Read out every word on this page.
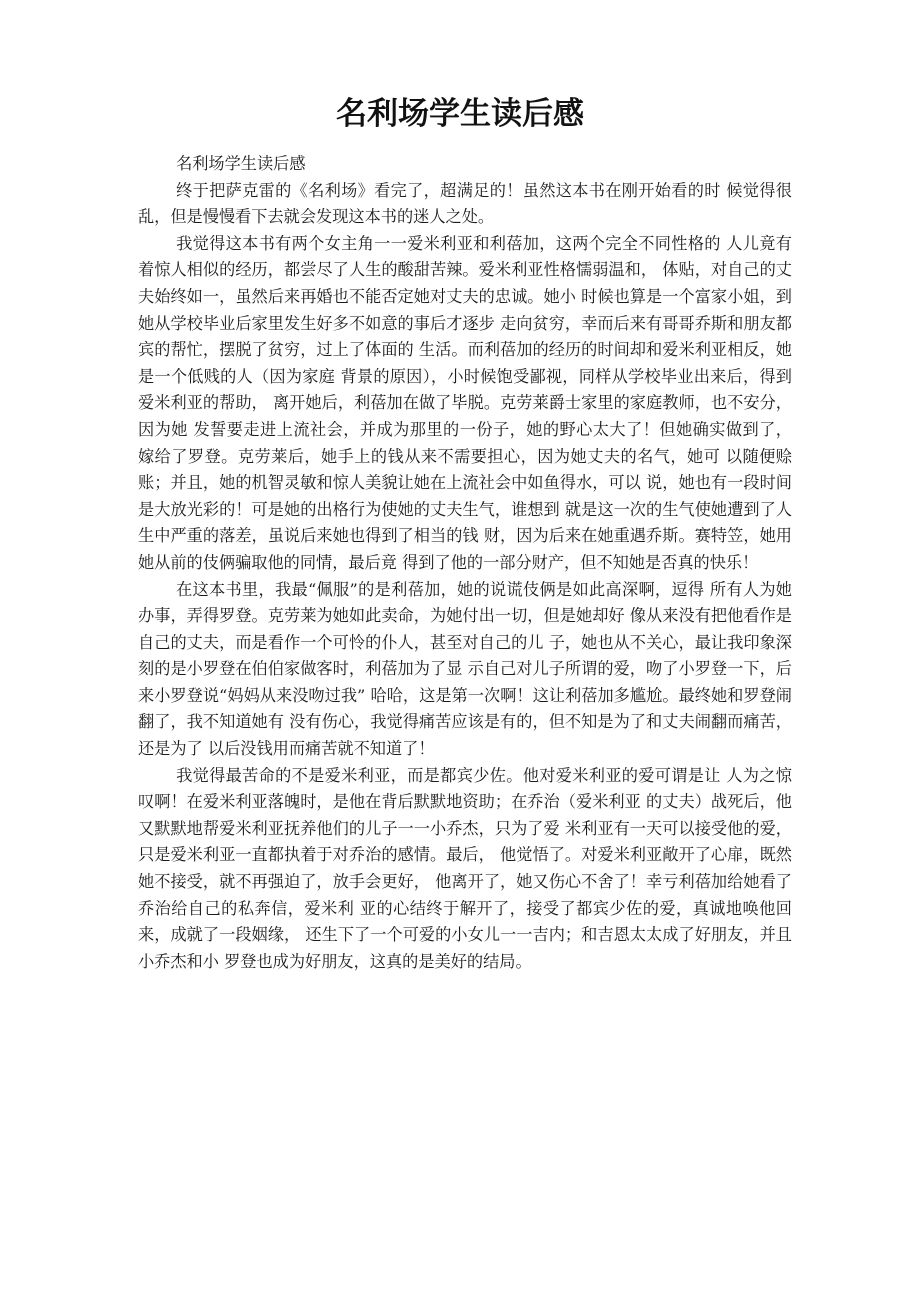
名利场学生读后感

名利场学生读后感

终于把萨克雷的《名利场》看完了，超满足的！虽然这本书在刚开始看的时 候觉得很乱，但是慢慢看下去就会发现这本书的迷人之处。

我觉得这本书有两个女主角一一爱米利亚和利蓓加，这两个完全不同性格的 人儿竟有着惊人相似的经历，都尝尽了人生的酸甜苦辣。爱米利亚性格懦弱温和， 体贴，对自己的丈夫始终如一，虽然后来再婚也不能否定她对丈夫的忠诚。她小 时候也算是一个富家小姐，到她从学校毕业后家里发生好多不如意的事后才逐步 走向贫穷，幸而后来有哥哥乔斯和朋友都宾的帮忙，摆脱了贫穷，过上了体面的 生活。而利蓓加的经历的时间却和爱米利亚相反，她是一个低贱的人（因为家庭 背景的原因），小时候饱受鄙视，同样从学校毕业出来后，得到爱米利亚的帮助， 离开她后，利蓓加在做了毕脱。克劳莱爵士家里的家庭教师，也不安分，因为她 发誓要走进上流社会，并成为那里的一份子，她的野心太大了！但她确实做到了， 嫁给了罗登。克劳莱后，她手上的钱从来不需要担心，因为她丈夫的名气，她可 以随便赊账；并且，她的机智灵敏和惊人美貌让她在上流社会中如鱼得水，可以 说，她也有一段时间是大放光彩的！可是她的出格行为使她的丈夫生气，谁想到 就是这一次的生气使她遭到了人生中严重的落差，虽说后来她也得到了相当的钱 财，因为后来在她重遇乔斯。赛特笠，她用她从前的伎俩骗取他的同情，最后竟 得到了他的一部分财产，但不知她是否真的快乐！

在这本书里，我最“佩服”的是利蓓加，她的说谎伎俩是如此高深啊，逗得 所有人为她办事，弄得罗登。克劳莱为她如此卖命，为她付出一切，但是她却好 像从来没有把他看作是自己的丈夫，而是看作一个可怜的仆人，甚至对自己的儿 子，她也从不关心，最让我印象深刻的是小罗登在伯伯家做客时，利蓓加为了显 示自己对儿子所谓的爱，吻了小罗登一下，后来小罗登说“妈妈从来没吻过我” 哈哈，这是第一次啊！这让利蓓加多尴尬。最终她和罗登闹翻了，我不知道她有 没有伤心，我觉得痛苦应该是有的，但不知是为了和丈夫闹翻而痛苦，还是为了 以后没钱用而痛苦就不知道了！

我觉得最苦命的不是爱米利亚，而是都宾少佐。他对爱米利亚的爱可谓是让 人为之惊叹啊！在爱米利亚落魄时，是他在背后默默地资助；在乔治（爱米利亚 的丈夫）战死后，他又默默地帮爱米利亚抚养他们的儿子一一小乔杰，只为了爱 米利亚有一天可以接受他的爱，只是爱米利亚一直都执着于对乔治的感情。最后， 他觉悟了。对爱米利亚敞开了心扉，既然她不接受，就不再强迫了，放手会更好， 他离开了，她又伤心不舍了！幸亏利蓓加给她看了乔治给自己的私奔信，爱米利 亚的心结终于解开了，接受了都宾少佐的爱，真诚地唤他回来，成就了一段姻缘， 还生下了一个可爱的小女儿一一吉内；和吉恩太太成了好朋友，并且小乔杰和小 罗登也成为好朋友，这真的是美好的结局。
